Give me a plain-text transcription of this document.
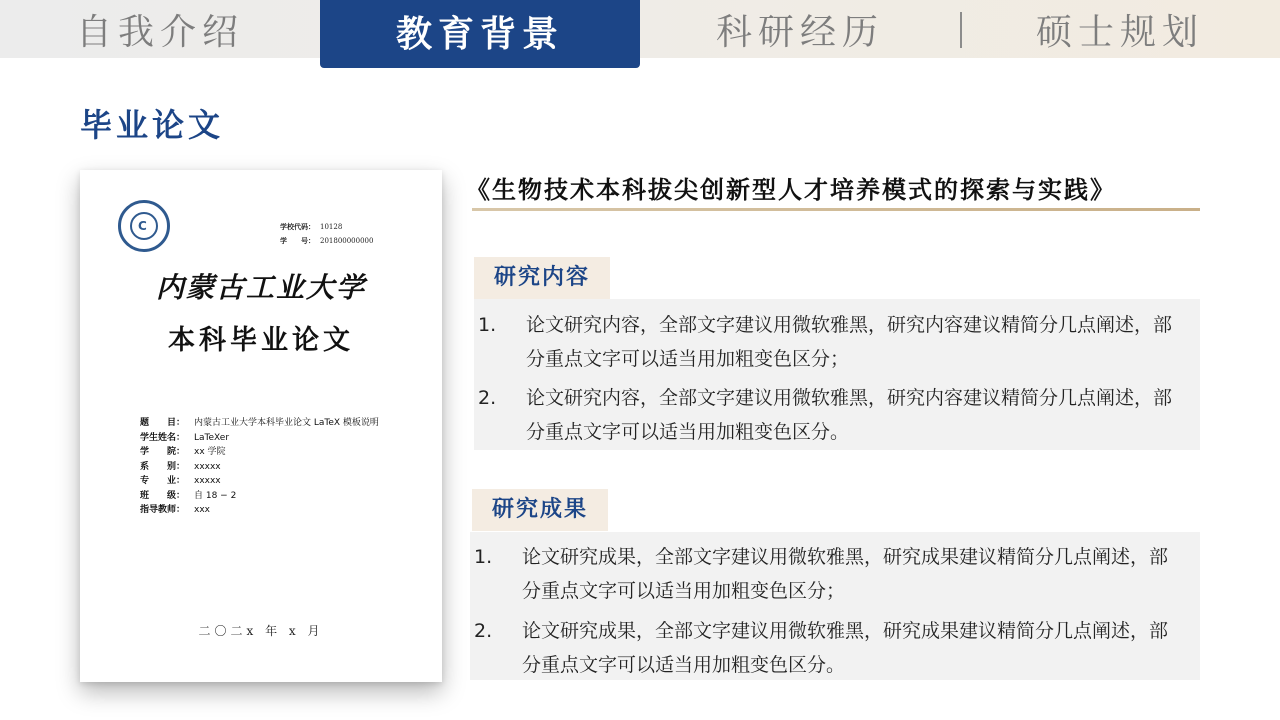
自我介绍	教育背景	科研经历	硕士规划
毕业论文
C	学校代码： 10128
学　　号： 201800000000
内蒙古工业大学
本科毕业论文
题　　目： 内蒙古工业大学本科毕业论文 LaTeX 模板说明
学生姓名： LaTeXer
学　　院： xx 学院
系　　别： xxxxx
专　　业： xxxxx
班　　级： 自 18 − 2
指导教师： xxx
二〇二x 年 x 月
《生物技术本科拔尖创新型人才培养模式的探索与实践》
研究内容
1.	论文研究内容，全部文字建议用微软雅黑，研究内容建议精简分几点阐述，部分重点文字可以适当用加粗变色区分；
2.	论文研究内容，全部文字建议用微软雅黑，研究内容建议精简分几点阐述，部分重点文字可以适当用加粗变色区分。
研究成果
1.	论文研究成果，全部文字建议用微软雅黑，研究成果建议精简分几点阐述，部分重点文字可以适当用加粗变色区分；
2.	论文研究成果，全部文字建议用微软雅黑，研究成果建议精简分几点阐述，部分重点文字可以适当用加粗变色区分。
